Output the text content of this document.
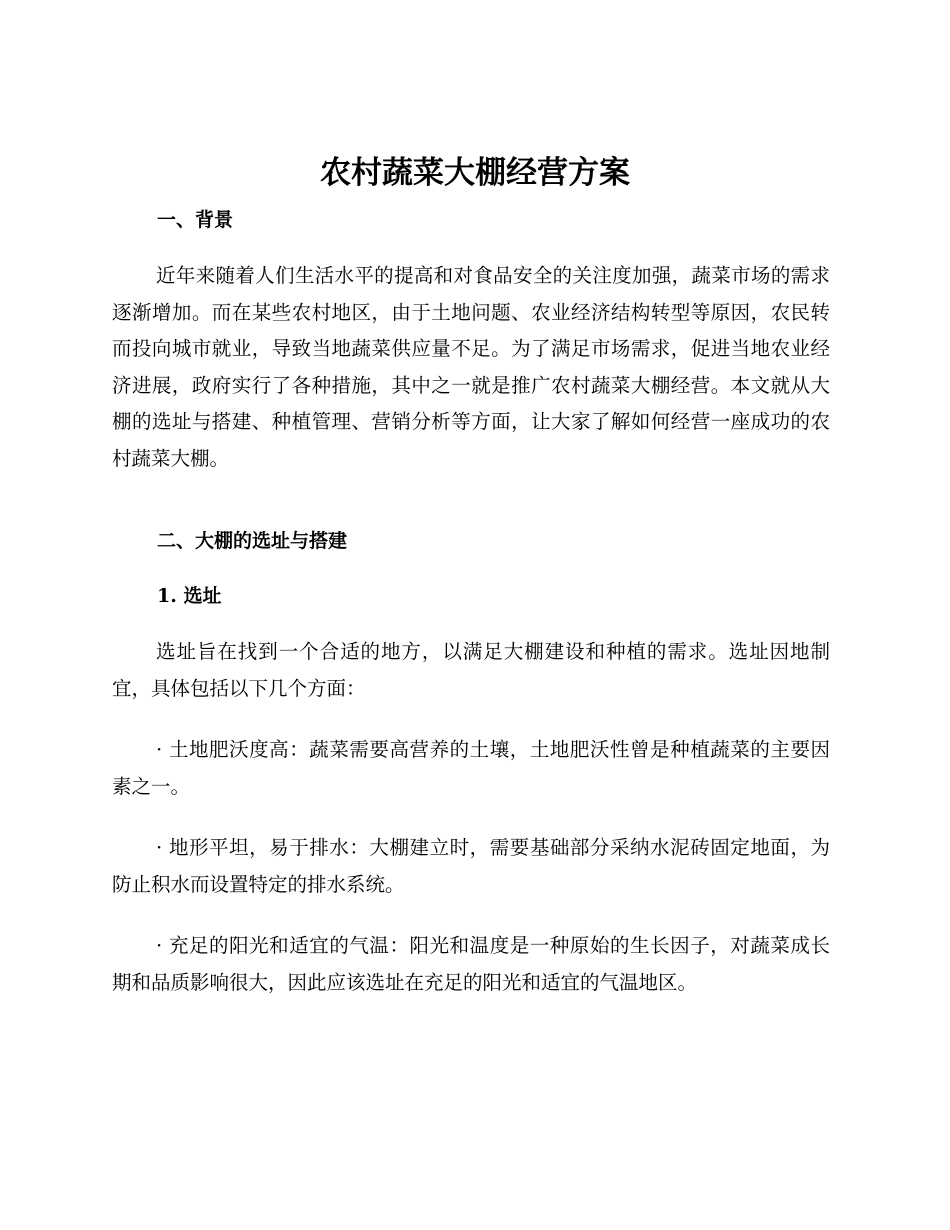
农村蔬菜大棚经营方案
一、背景

近年来随着人们生活水平的提高和对食品安全的关注度加强，蔬菜市场的需求逐渐增加。而在某些农村地区，由于土地问题、农业经济结构转型等原因，农民转而投向城市就业，导致当地蔬菜供应量不足。为了满足市场需求，促进当地农业经济进展，政府实行了各种措施，其中之一就是推广农村蔬菜大棚经营。本文就从大棚的选址与搭建、种植管理、营销分析等方面，让大家了解如何经营一座成功的农村蔬菜大棚。

二、大棚的选址与搭建
1. 选址

选址旨在找到一个合适的地方，以满足大棚建设和种植的需求。选址因地制宜，具体包括以下几个方面：

· 土地肥沃度高：蔬菜需要高营养的土壤，土地肥沃性曾是种植蔬菜的主要因素之一。

· 地形平坦，易于排水：大棚建立时，需要基础部分采纳水泥砖固定地面，为防止积水而设置特定的排水系统。

· 充足的阳光和适宜的气温：阳光和温度是一种原始的生长因子，对蔬菜成长期和品质影响很大，因此应该选址在充足的阳光和适宜的气温地区。
